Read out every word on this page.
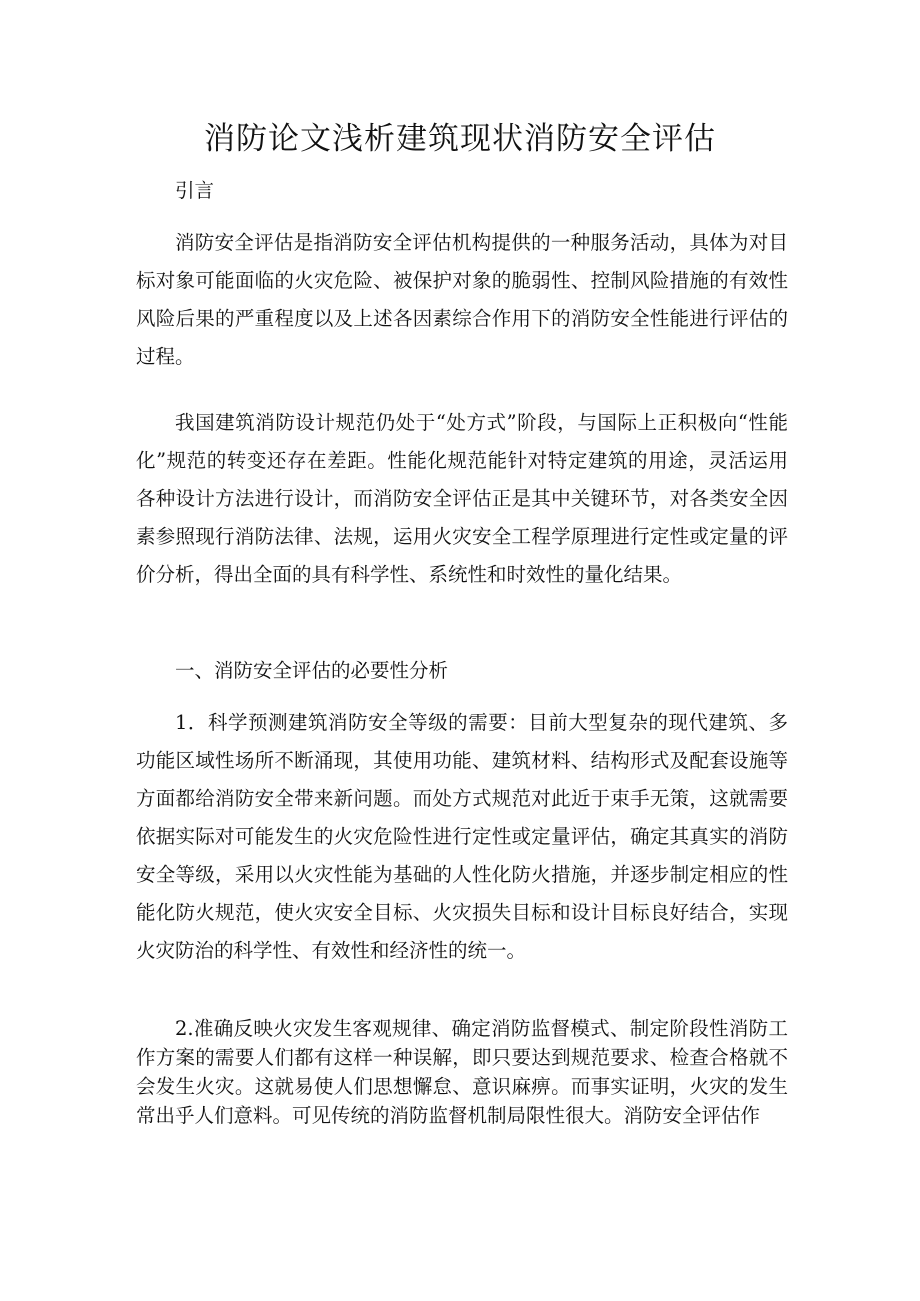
消防论文浅析建筑现状消防安全评估

引言

消防安全评估是指消防安全评估机构提供的一种服务活动，具体为对目标对象可能面临的火灾危险、被保护对象的脆弱性、控制风险措施的有效性风险后果的严重程度以及上述各因素综合作用下的消防安全性能进行评估的过程。

我国建筑消防设计规范仍处于“处方式”阶段，与国际上正积极向“性能化”规范的转变还存在差距。性能化规范能针对特定建筑的用途，灵活运用各种设计方法进行设计，而消防安全评估正是其中关键环节，对各类安全因素参照现行消防法律、法规，运用火灾安全工程学原理进行定性或定量的评价分析，得出全面的具有科学性、系统性和时效性的量化结果。

一、消防安全评估的必要性分析

1．科学预测建筑消防安全等级的需要：目前大型复杂的现代建筑、多功能区域性场所不断涌现，其使用功能、建筑材料、结构形式及配套设施等方面都给消防安全带来新问题。而处方式规范对此近于束手无策，这就需要依据实际对可能发生的火灾危险性进行定性或定量评估，确定其真实的消防安全等级，采用以火灾性能为基础的人性化防火措施，并逐步制定相应的性能化防火规范，使火灾安全目标、火灾损失目标和设计目标良好结合，实现火灾防治的科学性、有效性和经济性的统一。

2.准确反映火灾发生客观规律、确定消防监督模式、制定阶段性消防工作方案的需要人们都有这样一种误解，即只要达到规范要求、检查合格就不会发生火灾。这就易使人们思想懈怠、意识麻痹。而事实证明，火灾的发生常出乎人们意料。可见传统的消防监督机制局限性很大。消防安全评估作
